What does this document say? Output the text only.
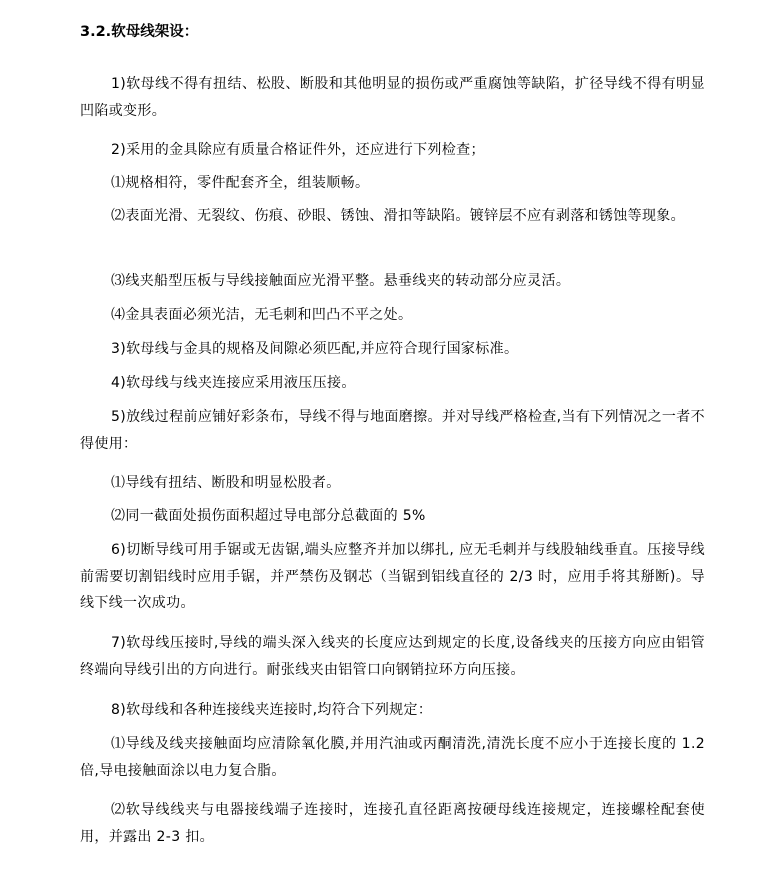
3.2.软母线架设：
1)软母线不得有扭结、松股、断股和其他明显的损伤或严重腐蚀等缺陷，扩径导线不得有明显凹陷或变形。
2)采用的金具除应有质量合格证件外，还应进行下列检查；
⑴规格相符，零件配套齐全，组装顺畅。
⑵表面光滑、无裂纹、伤痕、砂眼、锈蚀、滑扣等缺陷。镀锌层不应有剥落和锈蚀等现象。
⑶线夹船型压板与导线接触面应光滑平整。悬垂线夹的转动部分应灵活。
⑷金具表面必须光洁，无毛刺和凹凸不平之处。
3)软母线与金具的规格及间隙必须匹配,并应符合现行国家标准。
4)软母线与线夹连接应采用液压压接。
5)放线过程前应铺好彩条布，导线不得与地面磨擦。并对导线严格检查,当有下列情况之一者不得使用：
⑴导线有扭结、断股和明显松股者。
⑵同一截面处损伤面积超过导电部分总截面的 5%
6)切断导线可用手锯或无齿锯,端头应整齐并加以绑扎, 应无毛刺并与线股轴线垂直。压接导线前需要切割铝线时应用手锯，并严禁伤及钢芯（当锯到铝线直径的 2/3 时，应用手将其掰断)。导线下线一次成功。
7)软母线压接时,导线的端头深入线夹的长度应达到规定的长度,设备线夹的压接方向应由铝管终端向导线引出的方向进行。耐张线夹由铝管口向钢销拉环方向压接。
8)软母线和各种连接线夹连接时,均符合下列规定：
⑴导线及线夹接触面均应清除氧化膜,并用汽油或丙酮清洗,清洗长度不应小于连接长度的 1.2 倍,导电接触面涂以电力复合脂。
⑵软导线线夹与电器接线端子连接时，连接孔直径距离按硬母线连接规定，连接螺栓配套使用，并露出 2-3 扣。
